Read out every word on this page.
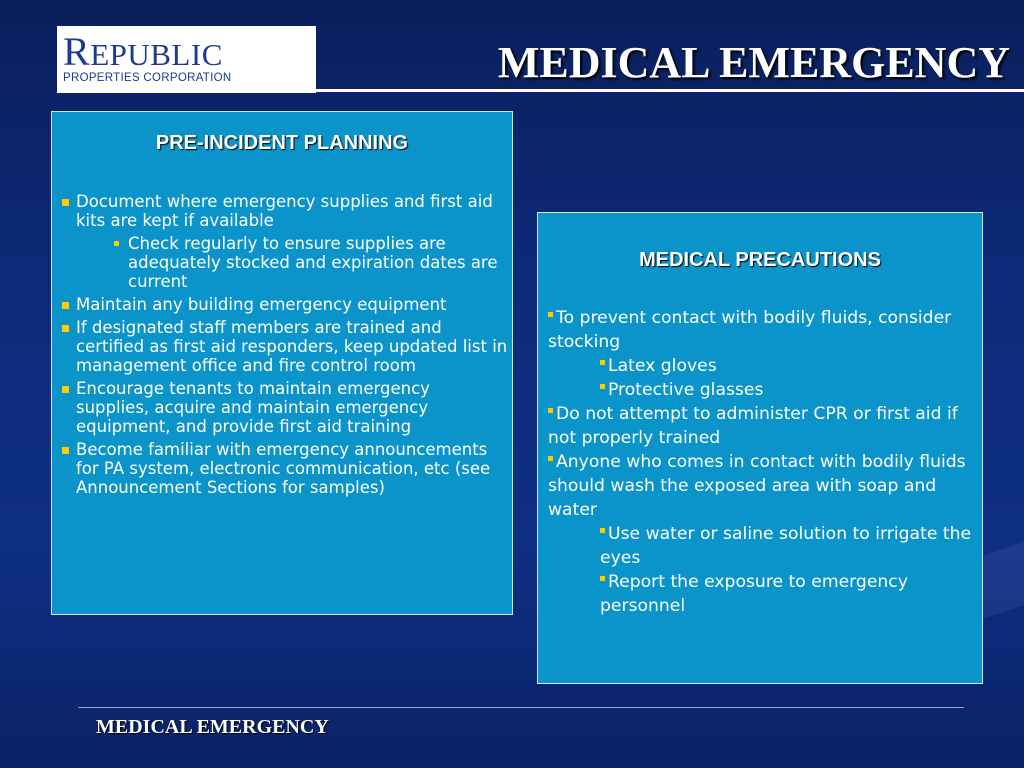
REPUBLIC
PROPERTIES CORPORATION	MEDICAL EMERGENCY
PRE-INCIDENT PLANNING
Document where emergency supplies and first aid kits are kept if available
Check regularly to ensure supplies are adequately stocked and expiration dates are current
Maintain any building emergency equipment
If designated staff members are trained and certified as first aid responders, keep updated list in management office and fire control room
Encourage tenants to maintain emergency supplies, acquire and maintain emergency equipment, and provide first aid training
Become familiar with emergency announcements for PA system, electronic communication, etc (see Announcement Sections for samples)
MEDICAL PRECAUTIONS
To prevent contact with bodily fluids, consider stocking
Latex gloves
Protective glasses
Do not attempt to administer CPR or first aid if not properly trained
Anyone who comes in contact with bodily fluids should wash the exposed area with soap and water
Use water or saline solution to irrigate the eyes
Report the exposure to emergency personnel
MEDICAL EMERGENCY
